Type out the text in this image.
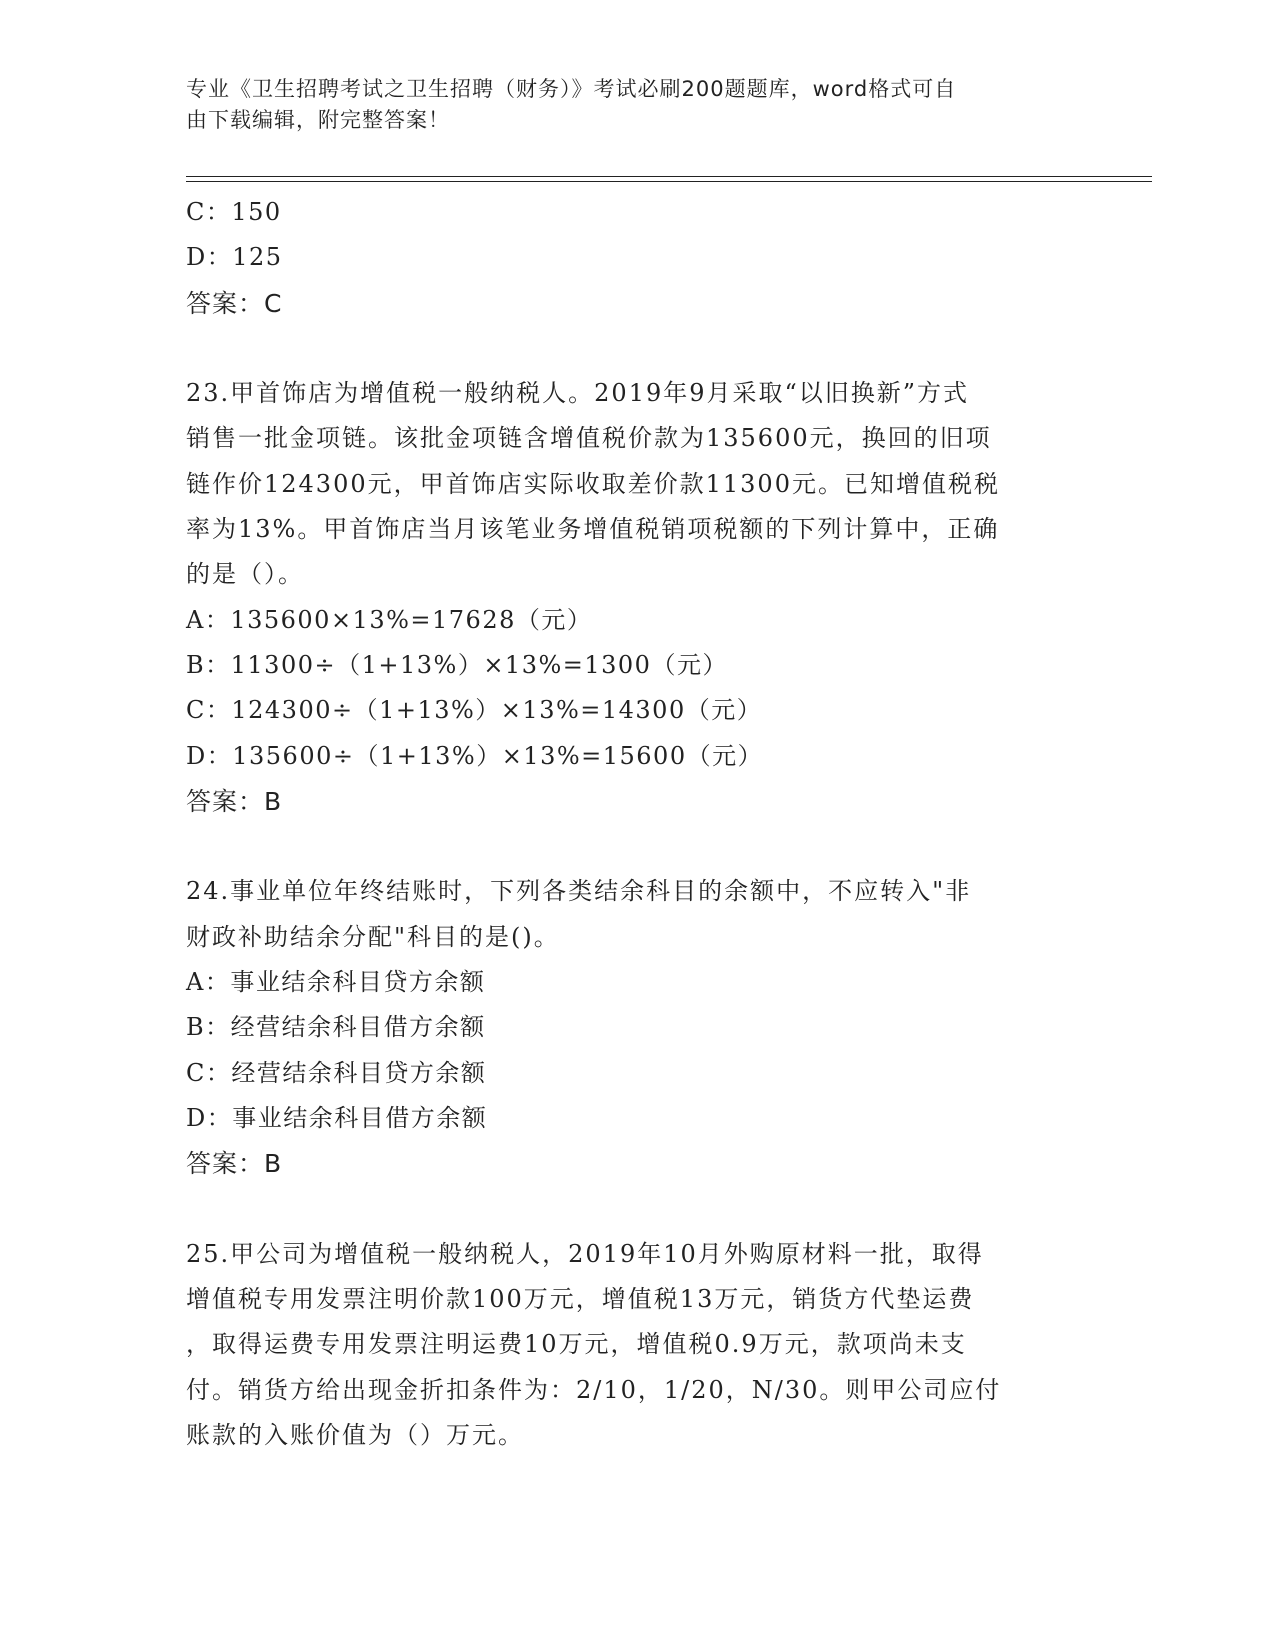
专业《卫生招聘考试之卫生招聘（财务）》考试必刷200题题库，word格式可自
由下载编辑，附完整答案！
C：150
D：125
答案：C
23.甲首饰店为增值税一般纳税人。2019年9月采取“以旧换新”方式
销售一批金项链。该批金项链含增值税价款为135600元，换回的旧项
链作价124300元，甲首饰店实际收取差价款11300元。已知增值税税
率为13%。甲首饰店当月该笔业务增值税销项税额的下列计算中，正确
的是（）。
A：135600×13%=17628（元）
B：11300÷（1+13%）×13%=1300（元）
C：124300÷（1+13%）×13%=14300（元）
D：135600÷（1+13%）×13%=15600（元）
答案：B
24.事业单位年终结账时，下列各类结余科目的余额中，不应转入"非
财政补助结余分配"科目的是()。
A：事业结余科目贷方余额
B：经营结余科目借方余额
C：经营结余科目贷方余额
D：事业结余科目借方余额
答案：B
25.甲公司为增值税一般纳税人，2019年10月外购原材料一批，取得
增值税专用发票注明价款100万元，增值税13万元，销货方代垫运费
，取得运费专用发票注明运费10万元，增值税0.9万元，款项尚未支
付。销货方给出现金折扣条件为：2/10，1/20，N/30。则甲公司应付
账款的入账价值为（）万元。
